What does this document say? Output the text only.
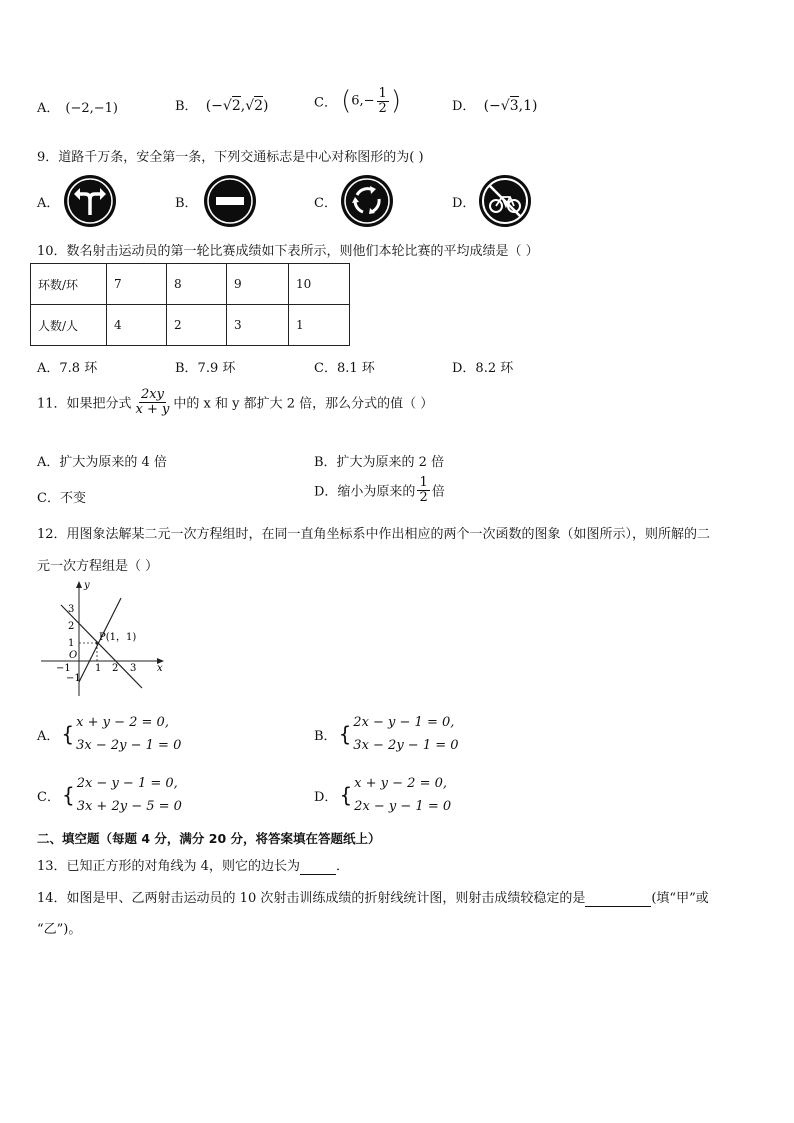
A． (−2,−1)	B． (−√2,√2)	C． ($6,- \frac{1}{2}$ )	D． (−√3,1)
9．道路千万条，安全第一条，下列交通标志是中心对称图形的为( )
A．	B．	C．	D．
10．数名射击运动员的第一轮比赛成绩如下表所示，则他们本轮比赛的平均成绩是（ ）
环数/环	7	8	9	10
人数/人	4	2	3	1
A．7.8 环	B．7.9 环	C．8.1 环	D．8.2 环
11．如果把分式 $\frac{2xy}{x + y}$ 中的 x 和 y 都扩大 2 倍，那么分式的值（ ）
A．扩大为原来的 4 倍	B．扩大为原来的 2 倍
C．不变	D．缩小为原来的 $\frac{1}{2}$ 倍
12．用图象法解某二元一次方程组时，在同一直角坐标系中作出相应的两个一次函数的图象（如图所示），则所解的二
元一次方程组是（ ）
x
y
O
−1 1 2 3
3
2
1
−1
P(1，1)
A． { x + y − 2 = 0,
3x − 2y − 1 = 0
B． { 2x − y − 1 = 0,
3x − 2y − 1 = 0
C． { 2x − y − 1 = 0,
3x + 2y − 5 = 0
D． { x + y − 2 = 0,
2x − y − 1 = 0
二、填空题（每题 4 分，满分 20 分，将答案填在答题纸上）
13．已知正方形的对角线为 4，则它的边长为	．
14．如图是甲、乙两射击运动员的 10 次射击训练成绩的折射线统计图，则射击成绩较稳定的是	(填“甲”或
“乙”)。
